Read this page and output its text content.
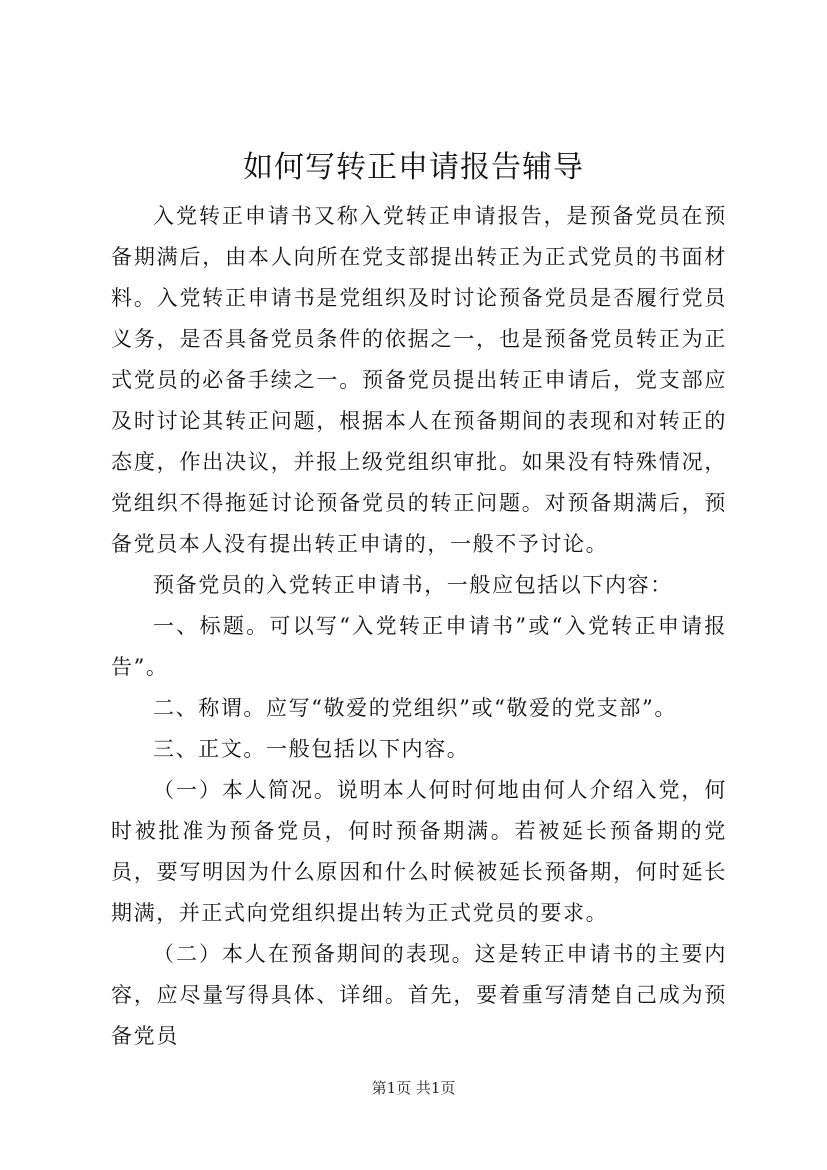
如何写转正申请报告辅导

入党转正申请书又称入党转正申请报告，是预备党员在预备期满后，由本人向所在党支部提出转正为正式党员的书面材料。入党转正申请书是党组织及时讨论预备党员是否履行党员义务，是否具备党员条件的依据之一，也是预备党员转正为正式党员的必备手续之一。预备党员提出转正申请后，党支部应及时讨论其转正问题，根据本人在预备期间的表现和对转正的态度，作出决议，并报上级党组织审批。如果没有特殊情况，党组织不得拖延讨论预备党员的转正问题。对预备期满后，预备党员本人没有提出转正申请的，一般不予讨论。

预备党员的入党转正申请书，一般应包括以下内容：

一、标题。可以写“入党转正申请书”或“入党转正申请报告”。

二、称谓。应写“敬爱的党组织”或“敬爱的党支部”。

三、正文。一般包括以下内容。

（一）本人简况。说明本人何时何地由何人介绍入党，何时被批准为预备党员，何时预备期满。若被延长预备期的党员，要写明因为什么原因和什么时候被延长预备期，何时延长期满，并正式向党组织提出转为正式党员的要求。

（二）本人在预备期间的表现。这是转正申请书的主要内容，应尽量写得具体、详细。首先，要着重写清楚自己成为预备党员

第1页 共1页
